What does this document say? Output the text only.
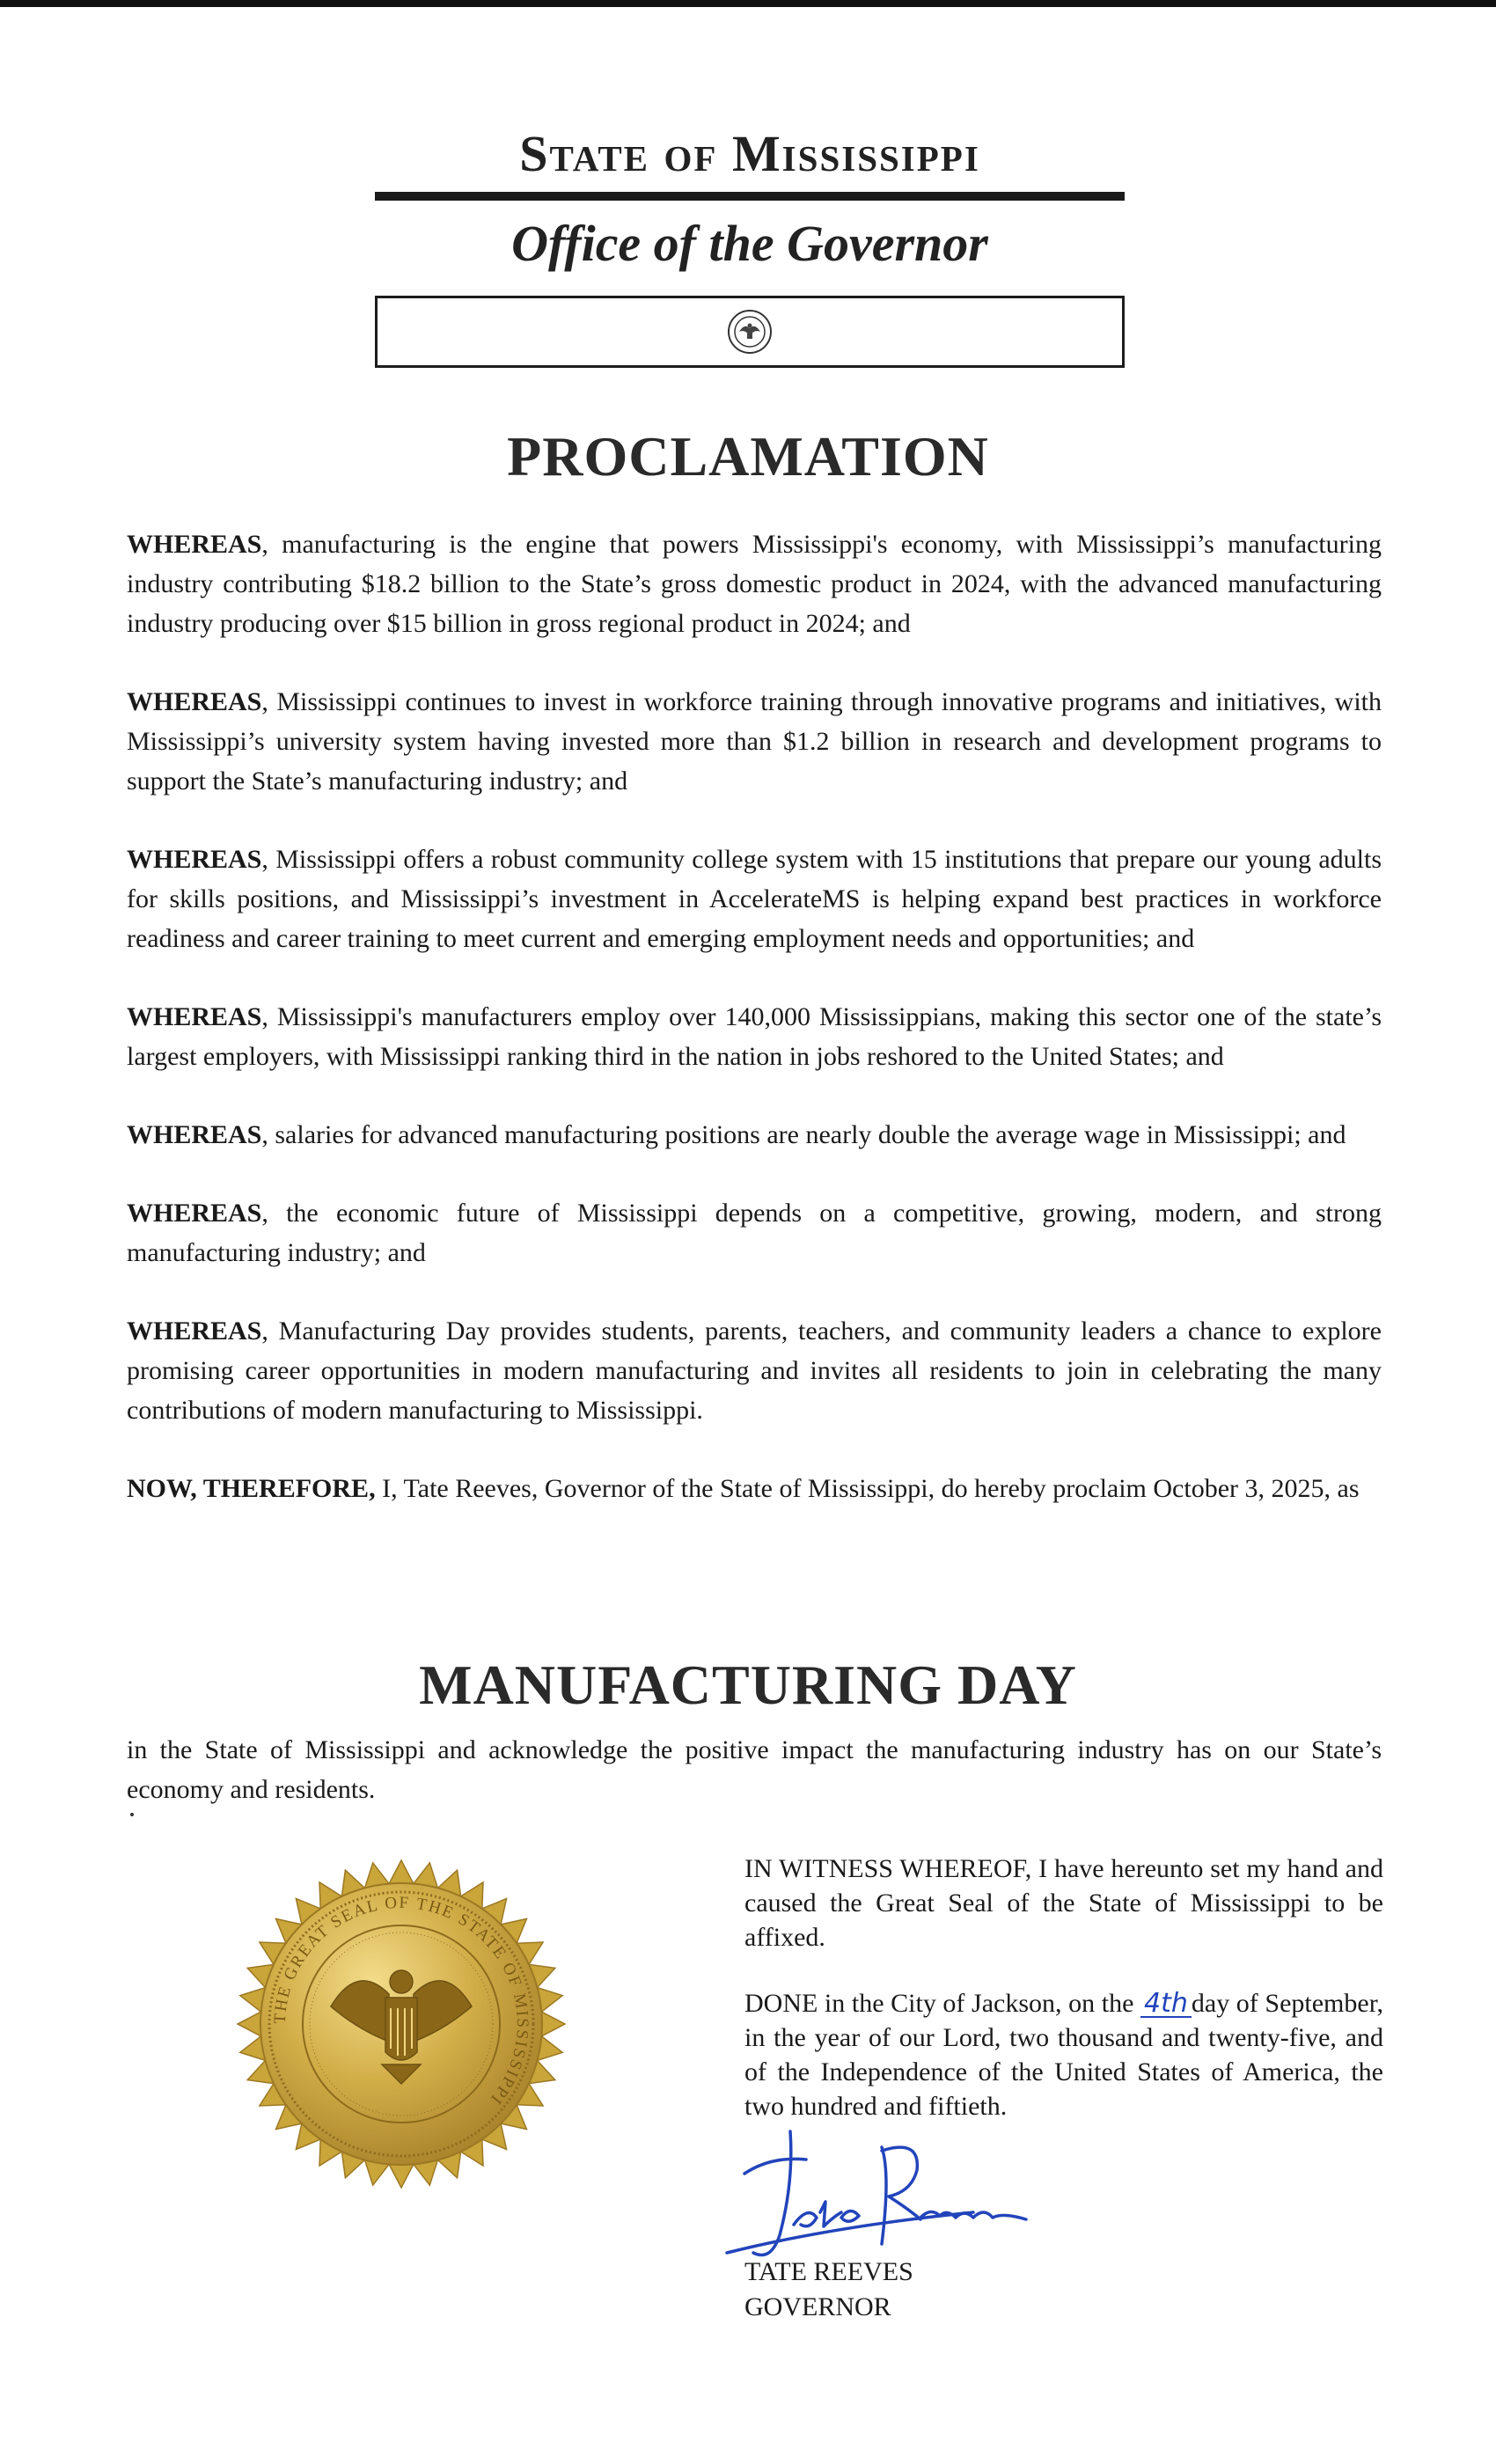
State of Mississippi
Office of the Governor
PROCLAMATION

WHEREAS, manufacturing is the engine that powers Mississippi's economy, with Mississippi’s manufacturing industry contributing $18.2 billion to the State’s gross domestic product in 2024, with the advanced manufacturing industry producing over $15 billion in gross regional product in 2024; and

WHEREAS, Mississippi continues to invest in workforce training through innovative programs and initiatives, with Mississippi’s university system having invested more than $1.2 billion in research and development programs to support the State’s manufacturing industry; and

WHEREAS, Mississippi offers a robust community college system with 15 institutions that prepare our young adults for skills positions, and Mississippi’s investment in AccelerateMS is helping expand best practices in workforce readiness and career training to meet current and emerging employment needs and opportunities; and

WHEREAS, Mississippi's manufacturers employ over 140,000 Mississippians, making this sector one of the state’s largest employers, with Mississippi ranking third in the nation in jobs reshored to the United States; and

WHEREAS, salaries for advanced manufacturing positions are nearly double the average wage in Mississippi; and

WHEREAS, the economic future of Mississippi depends on a competitive, growing, modern, and strong manufacturing industry; and

WHEREAS, Manufacturing Day provides students, parents, teachers, and community leaders a chance to explore promising career opportunities in modern manufacturing and invites all residents to join in celebrating the many contributions of modern manufacturing to Mississippi.

NOW, THEREFORE, I, Tate Reeves, Governor of the State of Mississippi, do hereby proclaim October 3, 2025, as

MANUFACTURING DAY

in the State of Mississippi and acknowledge the positive impact the manufacturing industry has on our State’s economy and residents.

THE GREAT SEAL OF THE STATE OF MISSISSIPPI

IN WITNESS WHEREOF, I have hereunto set my hand and caused the Great Seal of the State of Mississippi to be affixed.

DONE in the City of Jackson, on the 4th day of September, in the year of our Lord, two thousand and twenty-five, and of the Independence of the United States of America, the two hundred and fiftieth.

TATE REEVES
GOVERNOR
